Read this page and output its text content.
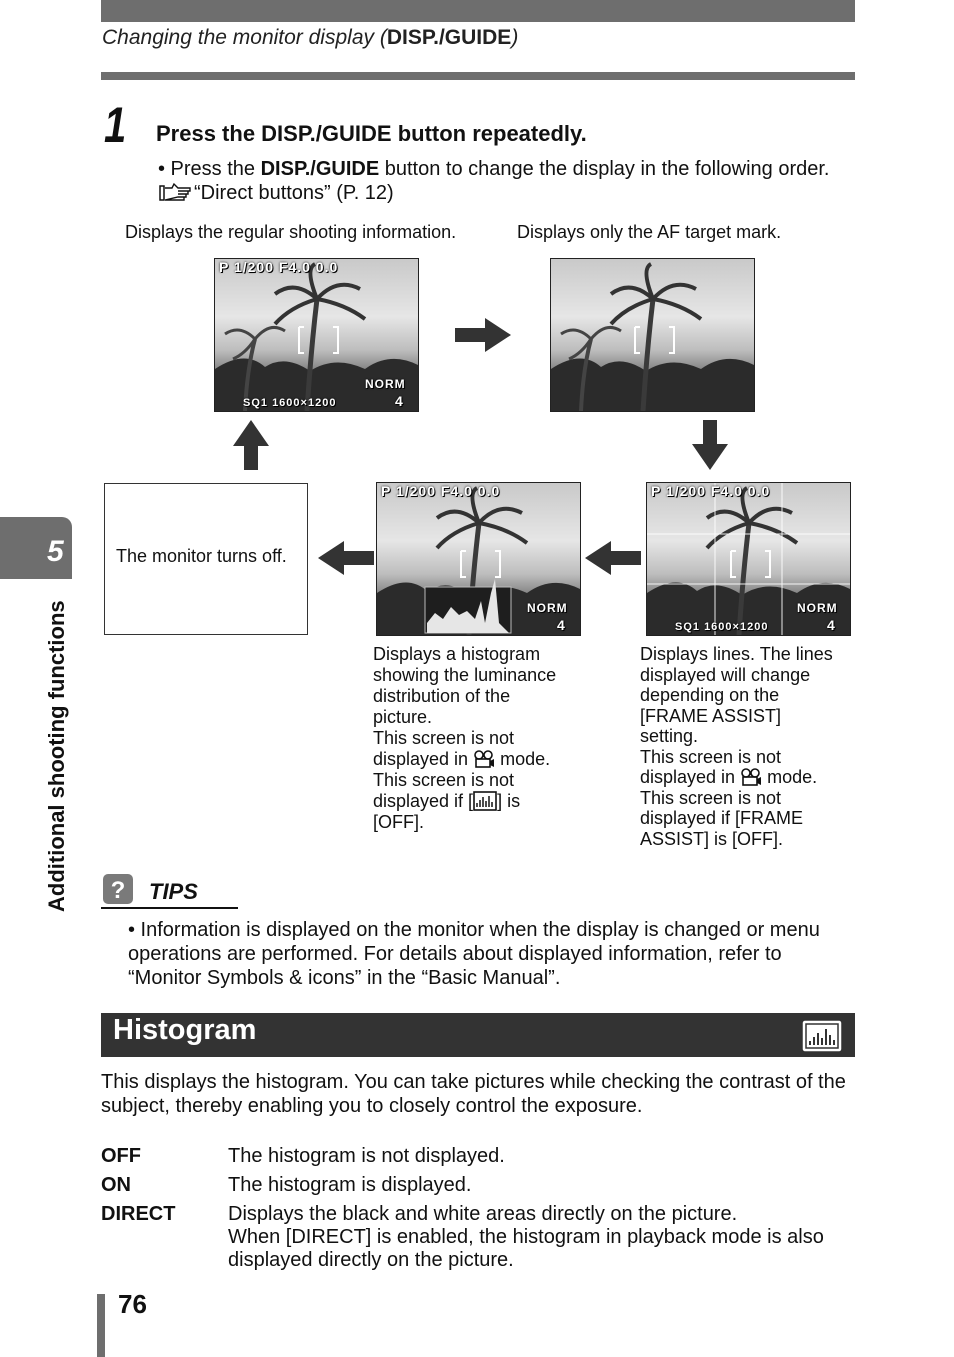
Changing the monitor display (DISP./GUIDE)
1 Press the DISP./GUIDE button repeatedly.
• Press the DISP./GUIDE button to change the display in the following order.
“Direct buttons” (P. 12)
Displays the regular shooting information.	Displays only the AF target mark.
P 1/200 F4.0 0.0
NORM
SQ1 1600×1200	4
The monitor turns off.
P 1/200 F4.0 0.0
NORM
4
P 1/200 F4.0 0.0
NORM
SQ1 1600×1200	4
Displays a histogram
showing the luminance
distribution of the
picture.
This screen is not
displayed in mode.
This screen is not
displayed if [ ] is
[OFF].
Displays lines. The lines
displayed will change
depending on the
[FRAME ASSIST]
setting.
This screen is not
displayed in mode.
This screen is not
displayed if [FRAME
ASSIST] is [OFF].
? TIPS
• Information is displayed on the monitor when the display is changed or menu
operations are performed. For details about displayed information, refer to
“Monitor Symbols & icons” in the “Basic Manual”.
Histogram
This displays the histogram. You can take pictures while checking the contrast of the
subject, thereby enabling you to closely control the exposure.
OFF	The histogram is not displayed.
ON	The histogram is displayed.
DIRECT	Displays the black and white areas directly on the picture.
When [DIRECT] is enabled, the histogram in playback mode is also
displayed directly on the picture.
5
Additional shooting functions
76
